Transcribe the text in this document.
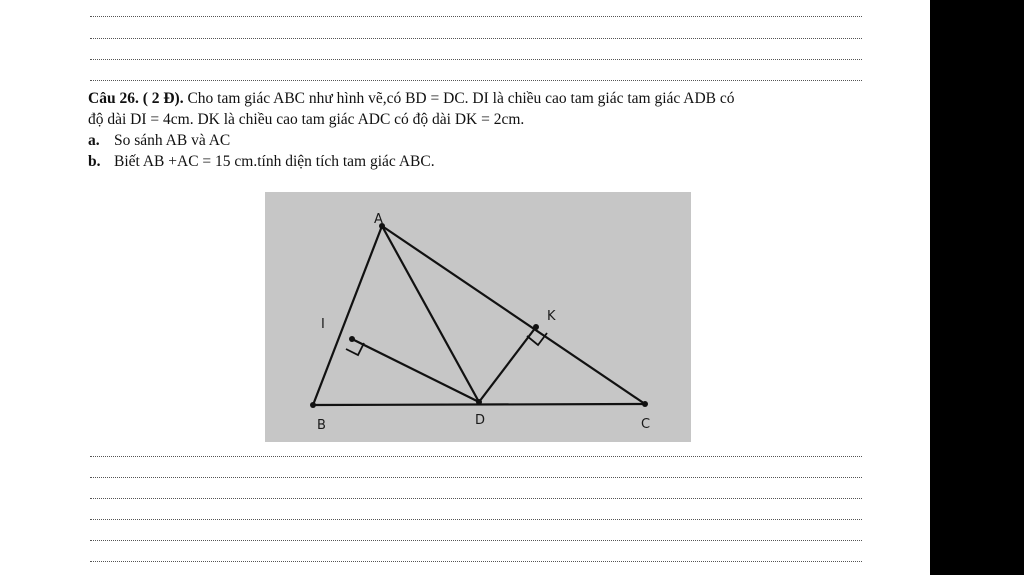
Câu 26. ( 2 Đ). Cho tam giác ABC như hình vẽ,có BD = DC. DI là chiều cao tam giác tam giác ADB có

độ dài DI = 4cm. DK là chiều cao tam giác ADC có độ dài DK = 2cm.

a. So sánh AB và AC

b. Biết AB +AC = 15 cm.tính diện tích tam giác ABC.

A
B	C
D
I
K
